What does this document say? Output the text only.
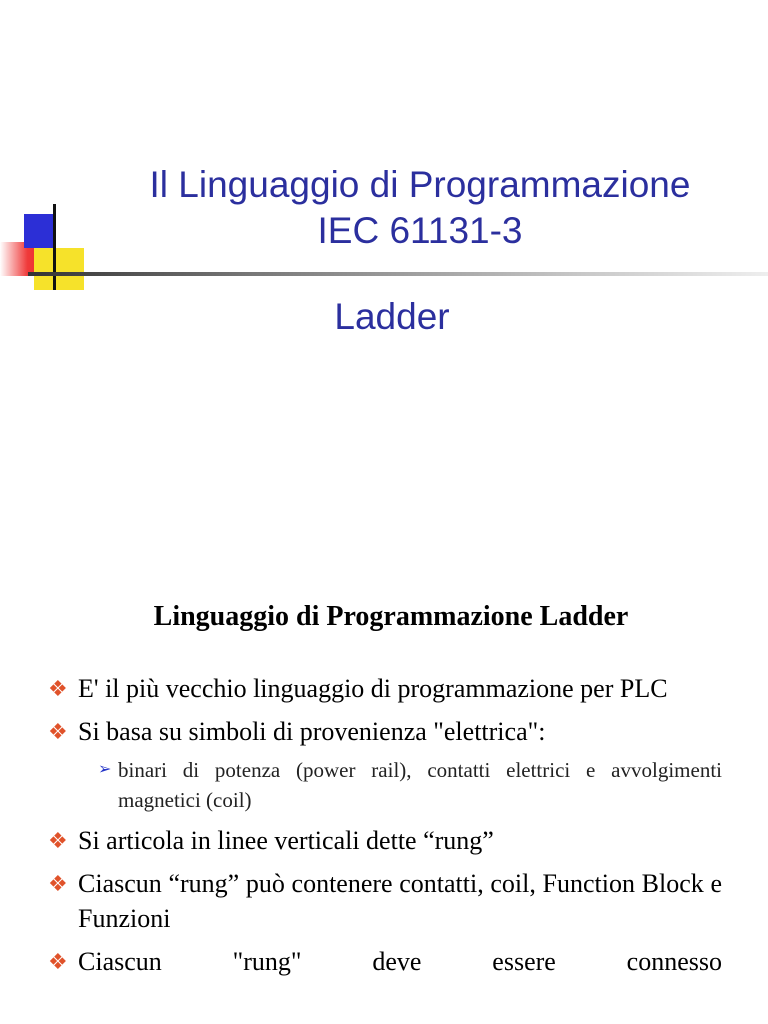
Il Linguaggio di Programmazione
IEC 61131-3
Ladder
Linguaggio di Programmazione Ladder
❖ E' il più vecchio linguaggio di programmazione per PLC
❖ Si basa su simboli di provenienza "elettrica":
➢ binari di potenza (power rail), contatti elettrici e avvolgimenti magnetici (coil)
❖ Si articola in linee verticali dette “rung”
❖ Ciascun “rung” può contenere contatti, coil, Function Block e Funzioni
❖ Ciascun "rung" deve essere connesso
